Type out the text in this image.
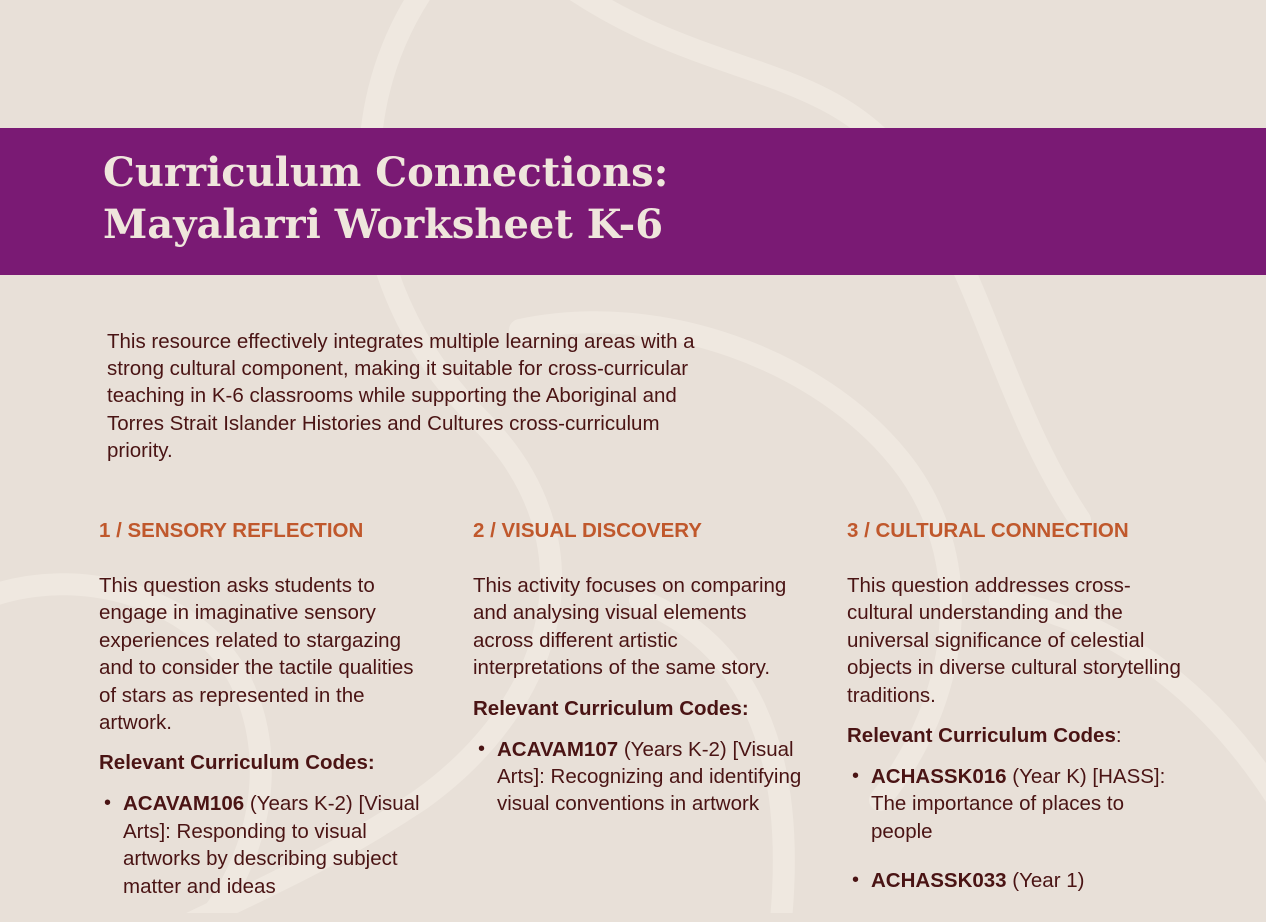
Curriculum Connections:
Mayalarri Worksheet K-6

This resource effectively integrates multiple learning areas with a strong cultural component, making it suitable for cross-curricular teaching in K-6 classrooms while supporting the Aboriginal and Torres Strait Islander Histories and Cultures cross-curriculum priority.

1 / SENSORY REFLECTION

This question asks students to engage in imaginative sensory experiences related to stargazing and to consider the tactile qualities of stars as represented in the artwork.

Relevant Curriculum Codes:

• ACAVAM106 (Years K-2) [Visual Arts]: Responding to visual artworks by describing subject matter and ideas
2 / VISUAL DISCOVERY

This activity focuses on comparing and analysing visual elements across different artistic interpretations of the same story.

Relevant Curriculum Codes:

• ACAVAM107 (Years K-2) [Visual Arts]: Recognizing and identifying visual conventions in artwork
3 / CULTURAL CONNECTION

This question addresses cross-cultural understanding and the universal significance of celestial objects in diverse cultural storytelling traditions.

Relevant Curriculum Codes:

• ACHASSK016 (Year K) [HASS]: The importance of places to people
• ACHASSK033 (Year 1)
